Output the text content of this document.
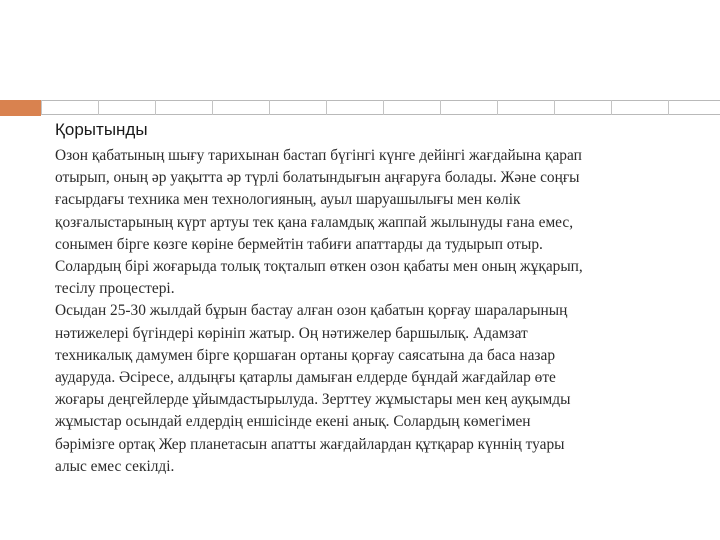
Қорытынды
Озон қабатының шығу тарихынан бастап бүгінгі күнге дейінгі жағдайына қарап
отырып, оның әр уақытта әр түрлі болатындығын аңғаруға болады. Және соңғы
ғасырдағы техника мен технологияның, ауыл шаруашылығы мен көлік
қозғалыстарының күрт артуы тек қана ғаламдық жаппай жылынуды ғана емес,
сонымен бірге көзге көріне бермейтін табиғи апаттарды да тудырып отыр.
Солардың бірі жоғарыда толық тоқталып өткен озон қабаты мен оның жұқарып,
тесілу процестері.
Осыдан 25-30 жылдай бұрын бастау алған озон қабатын қорғау шараларының
нәтижелері бүгіндері көрініп жатыр. Оң нәтижелер баршылық. Адамзат
техникалық дамумен бірге қоршаған ортаны қорғау саясатына да баса назар
аударуда. Әсіресе, алдыңғы қатарлы дамыған елдерде бұндай жағдайлар өте
жоғары деңгейлерде ұйымдастырылуда. Зерттеу жұмыстары мен кең ауқымды
жұмыстар осындай елдердің еншісінде екені анық. Солардың көмегімен
бәрімізге ортақ Жер планетасын апатты жағдайлардан құтқарар күннің туары
алыс емес секілді.
